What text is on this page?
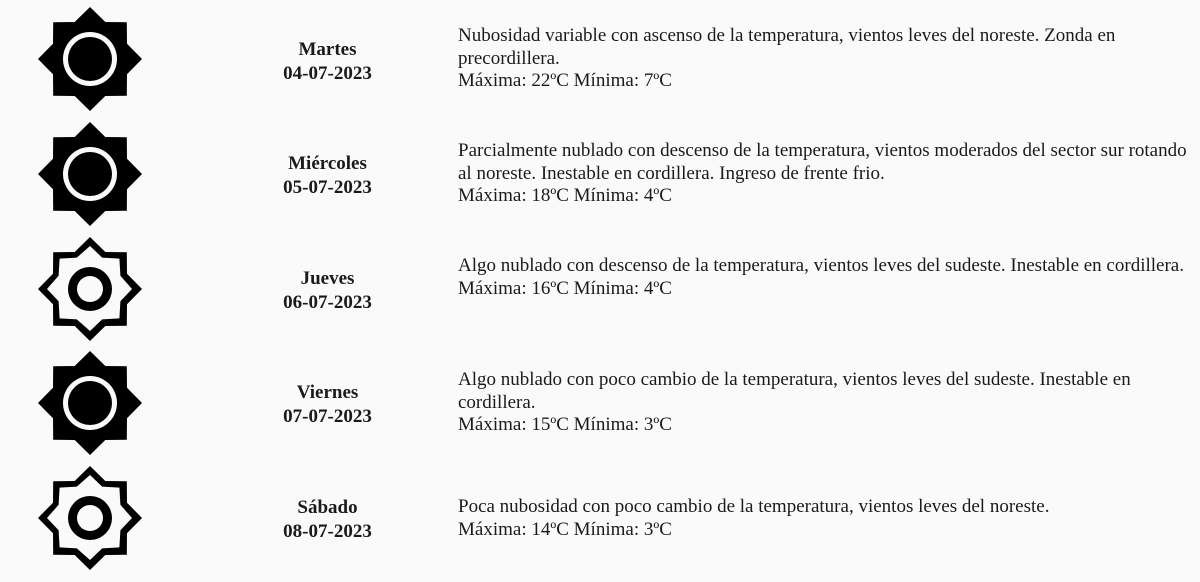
Martes
04-07-2023

Nubosidad variable con ascenso de la temperatura, vientos leves del noreste. Zonda en precordillera.

Máxima: 22ºC Mínima: 7ºC

Miércoles
05-07-2023

Parcialmente nublado con descenso de la temperatura, vientos moderados del sector sur rotando al noreste. Inestable en cordillera. Ingreso de frente frio.

Máxima: 18ºC Mínima: 4ºC

Jueves
06-07-2023

Algo nublado con descenso de la temperatura, vientos leves del sudeste. Inestable en cordillera.

Máxima: 16ºC Mínima: 4ºC

Viernes
07-07-2023

Algo nublado con poco cambio de la temperatura, vientos leves del sudeste. Inestable en cordillera.

Máxima: 15ºC Mínima: 3ºC

Sábado
08-07-2023

Poca nubosidad con poco cambio de la temperatura, vientos leves del noreste.

Máxima: 14ºC Mínima: 3ºC
